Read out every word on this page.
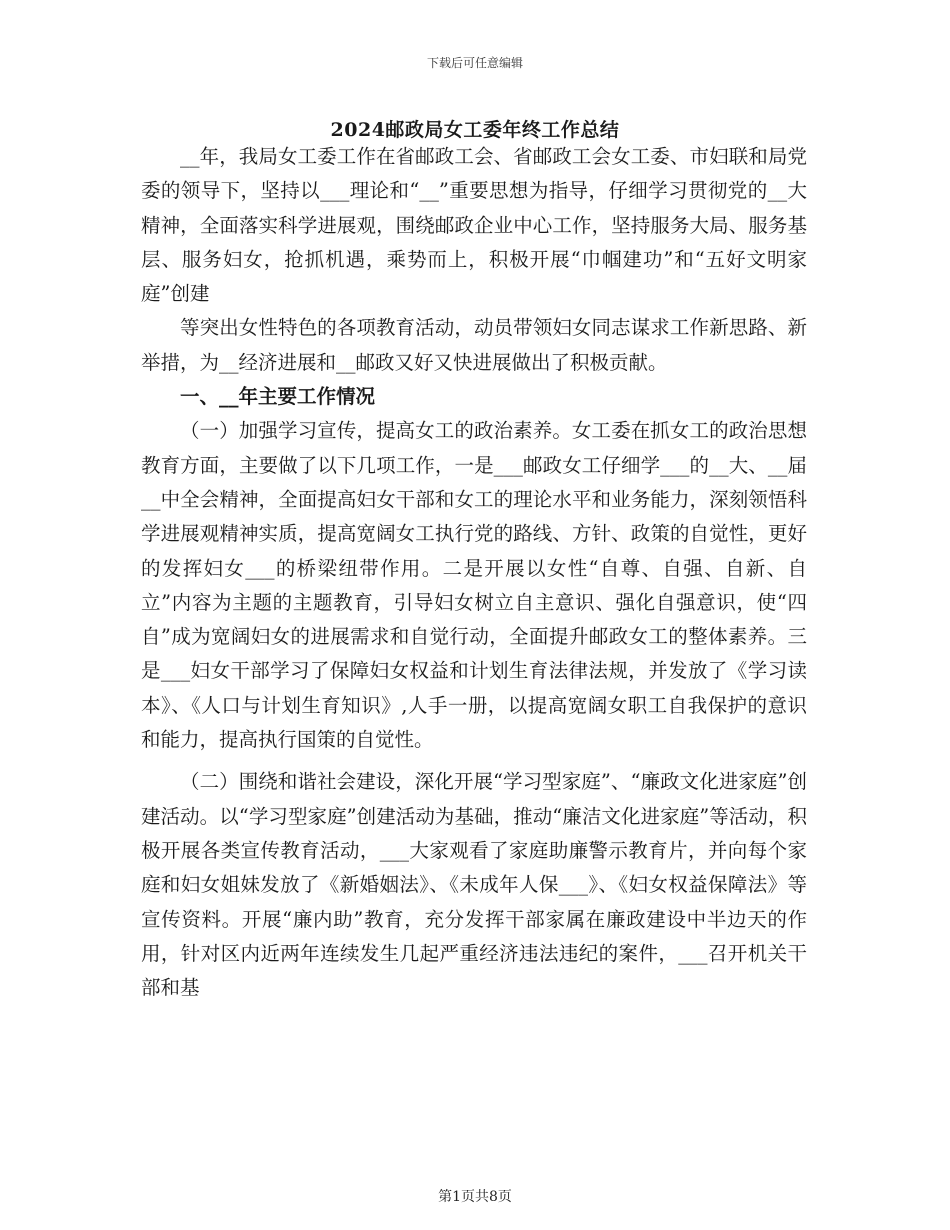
下载后可任意编辑
2024邮政局女工委年终工作总结

__年，我局女工委工作在省邮政工会、省邮政工会女工委、市妇联和局党委的领导下，坚持以___理论和“__”重要思想为指导，仔细学习贯彻党的__大精神，全面落实科学进展观，围绕邮政企业中心工作，坚持服务大局、服务基层、服务妇女，抢抓机遇，乘势而上，积极开展“巾帼建功”和“五好文明家庭”创建

等突出女性特色的各项教育活动，动员带领妇女同志谋求工作新思路、新举措，为__经济进展和__邮政又好又快进展做出了积极贡献。

一、__年主要工作情况

（一）加强学习宣传，提高女工的政治素养。女工委在抓女工的政治思想教育方面，主要做了以下几项工作，一是___邮政女工仔细学___的__大、__届__中全会精神，全面提高妇女干部和女工的理论水平和业务能力，深刻领悟科学进展观精神实质，提高宽阔女工执行党的路线、方针、政策的自觉性，更好的发挥妇女___的桥梁纽带作用。二是开展以女性“自尊、自强、自新、自立”内容为主题的主题教育，引导妇女树立自主意识、强化自强意识，使“四自”成为宽阔妇女的进展需求和自觉行动，全面提升邮政女工的整体素养。三是___妇女干部学习了保障妇女权益和计划生育法律法规，并发放了《学习读本》、《人口与计划生育知识》,人手一册，以提高宽阔女职工自我保护的意识和能力，提高执行国策的自觉性。

（二）围绕和谐社会建设，深化开展“学习型家庭”、“廉政文化进家庭”创建活动。以“学习型家庭”创建活动为基础，推动“廉洁文化进家庭”等活动，积极开展各类宣传教育活动，___大家观看了家庭助廉警示教育片，并向每个家庭和妇女姐妹发放了《新婚姻法》、《未成年人保___》、《妇女权益保障法》等宣传资料。开展“廉内助”教育，充分发挥干部家属在廉政建设中半边天的作用，针对区内近两年连续发生几起严重经济违法违纪的案件，___召开机关干部和基

第1页共8页
